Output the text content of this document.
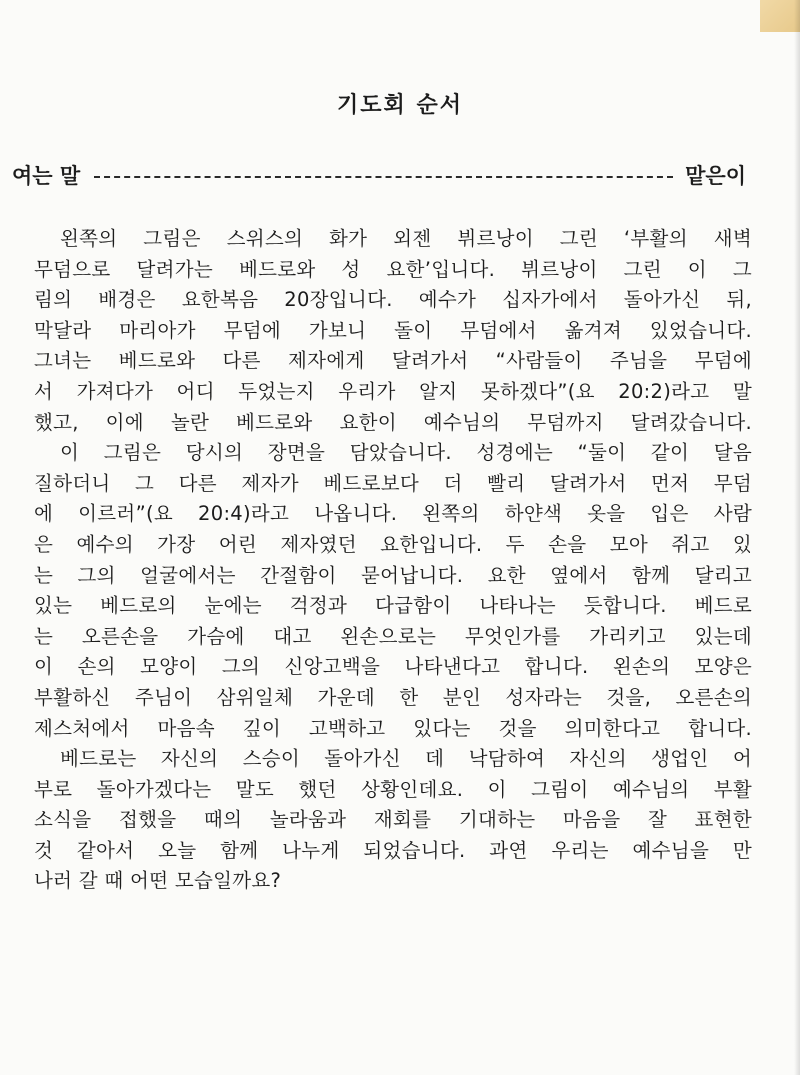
기도회 순서
여는 말	맡은이
왼쪽의 그림은 스위스의 화가 외젠 뷔르낭이 그린 ‘부활의 새벽
무덤으로 달려가는 베드로와 성 요한’입니다. 뷔르낭이 그린 이 그
림의 배경은 요한복음 20장입니다. 예수가 십자가에서 돌아가신 뒤,
막달라 마리아가 무덤에 가보니 돌이 무덤에서 옮겨져 있었습니다.
그녀는 베드로와 다른 제자에게 달려가서 “사람들이 주님을 무덤에
서 가져다가 어디 두었는지 우리가 알지 못하겠다”(요 20:2)라고 말
했고, 이에 놀란 베드로와 요한이 예수님의 무덤까지 달려갔습니다.
이 그림은 당시의 장면을 담았습니다. 성경에는 “둘이 같이 달음
질하더니 그 다른 제자가 베드로보다 더 빨리 달려가서 먼저 무덤
에 이르러”(요 20:4)라고 나옵니다. 왼쪽의 하얀색 옷을 입은 사람
은 예수의 가장 어린 제자였던 요한입니다. 두 손을 모아 쥐고 있
는 그의 얼굴에서는 간절함이 묻어납니다. 요한 옆에서 함께 달리고
있는 베드로의 눈에는 걱정과 다급함이 나타나는 듯합니다. 베드로
는 오른손을 가슴에 대고 왼손으로는 무엇인가를 가리키고 있는데
이 손의 모양이 그의 신앙고백을 나타낸다고 합니다. 왼손의 모양은
부활하신 주님이 삼위일체 가운데 한 분인 성자라는 것을, 오른손의
제스처에서 마음속 깊이 고백하고 있다는 것을 의미한다고 합니다.
베드로는 자신의 스승이 돌아가신 데 낙담하여 자신의 생업인 어
부로 돌아가겠다는 말도 했던 상황인데요. 이 그림이 예수님의 부활
소식을 접했을 때의 놀라움과 재회를 기대하는 마음을 잘 표현한
것 같아서 오늘 함께 나누게 되었습니다. 과연 우리는 예수님을 만
나러 갈 때 어떤 모습일까요?
